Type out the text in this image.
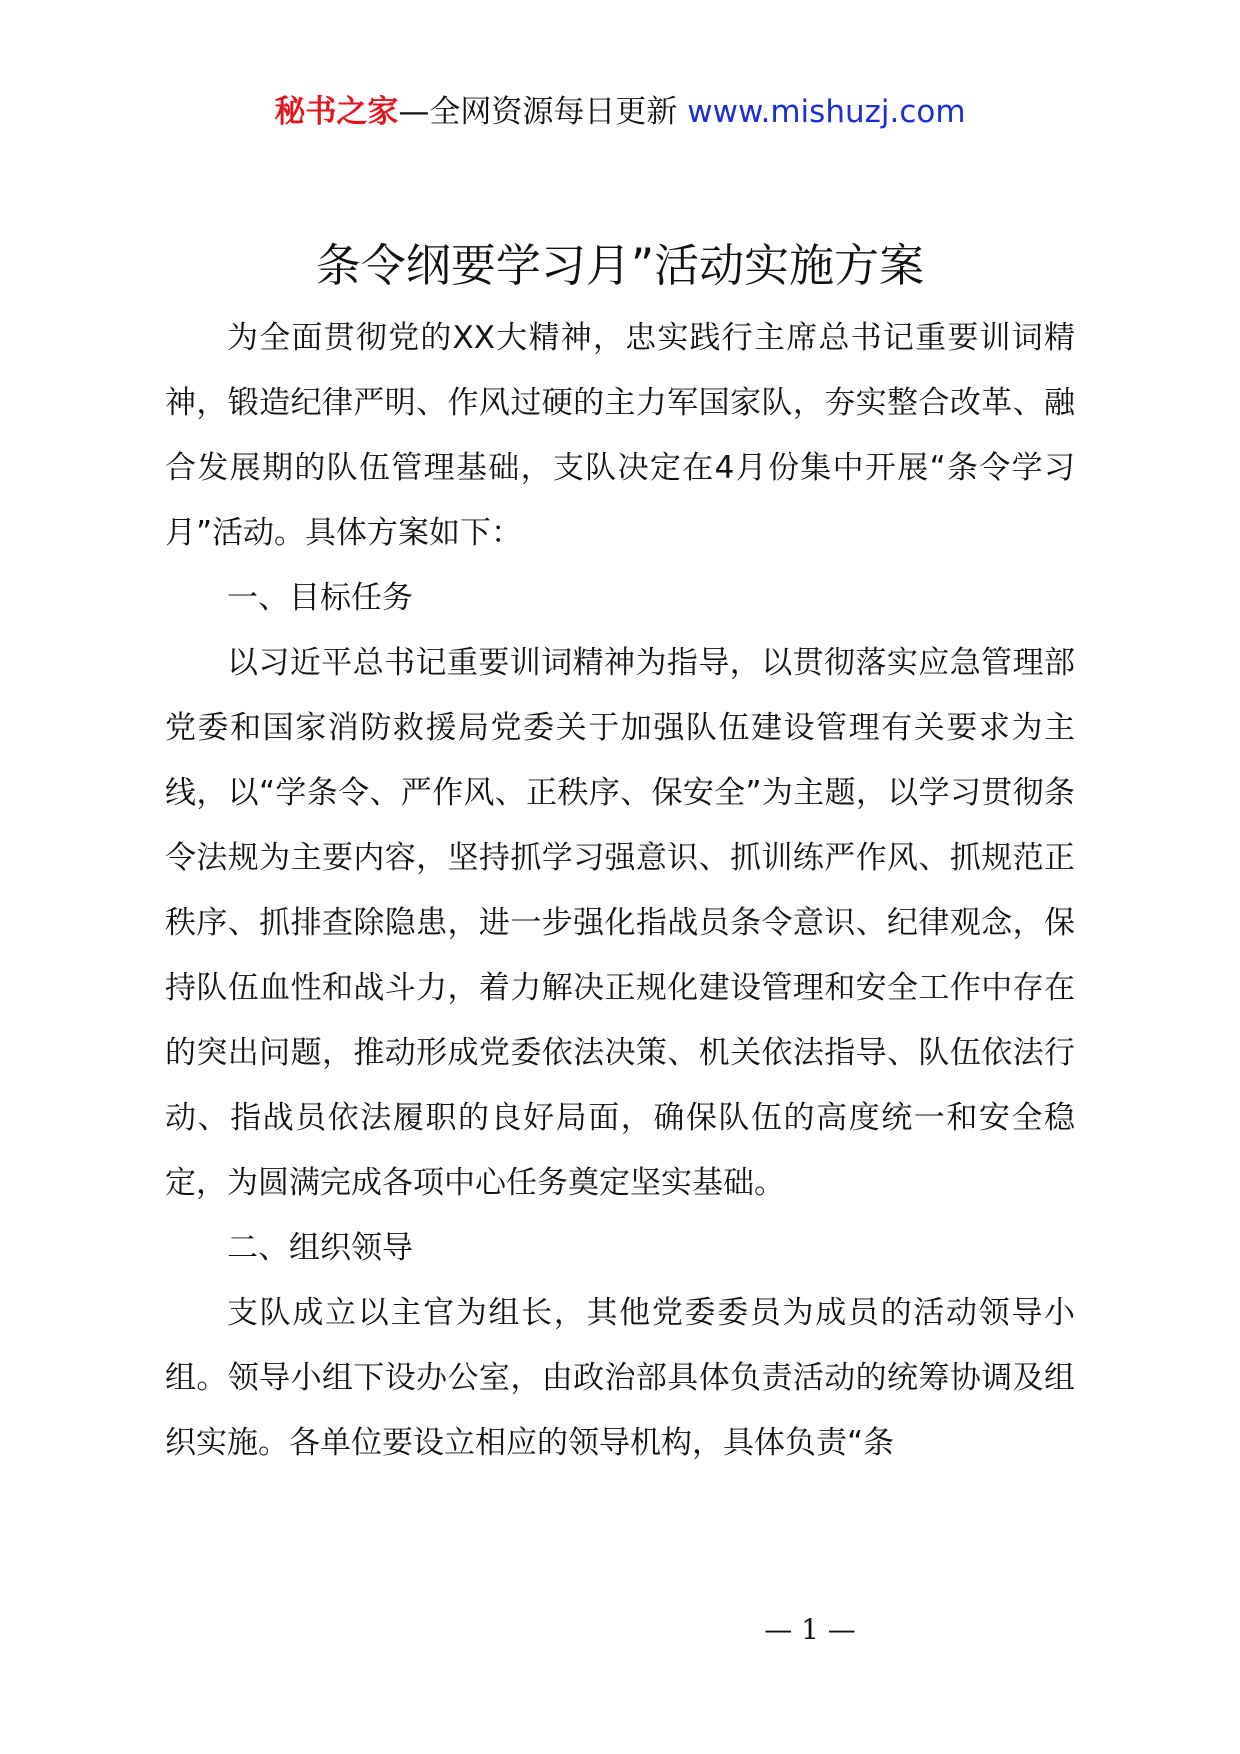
秘书之家—全网资源每日更新 www.mishuzj.com
条令纲要学习月”活动实施方案

为全面贯彻党的XX大精神，忠实践行主席总书记重要训词精神，锻造纪律严明、作风过硬的主力军国家队，夯实整合改革、融合发展期的队伍管理基础，支队决定在4月份集中开展“条令学习月”活动。具体方案如下：

一、目标任务

以习近平总书记重要训词精神为指导，以贯彻落实应急管理部党委和国家消防救援局党委关于加强队伍建设管理有关要求为主线，以“学条令、严作风、正秩序、保安全”为主题，以学习贯彻条令法规为主要内容，坚持抓学习强意识、抓训练严作风、抓规范正秩序、抓排查除隐患，进一步强化指战员条令意识、纪律观念，保持队伍血性和战斗力，着力解决正规化建设管理和安全工作中存在的突出问题，推动形成党委依法决策、机关依法指导、队伍依法行动、指战员依法履职的良好局面，确保队伍的高度统一和安全稳定，为圆满完成各项中心任务奠定坚实基础。

二、组织领导

支队成立以主官为组长，其他党委委员为成员的活动领导小组。领导小组下设办公室，由政治部具体负责活动的统筹协调及组织实施。各单位要设立相应的领导机构，具体负责“条

— 1 —
